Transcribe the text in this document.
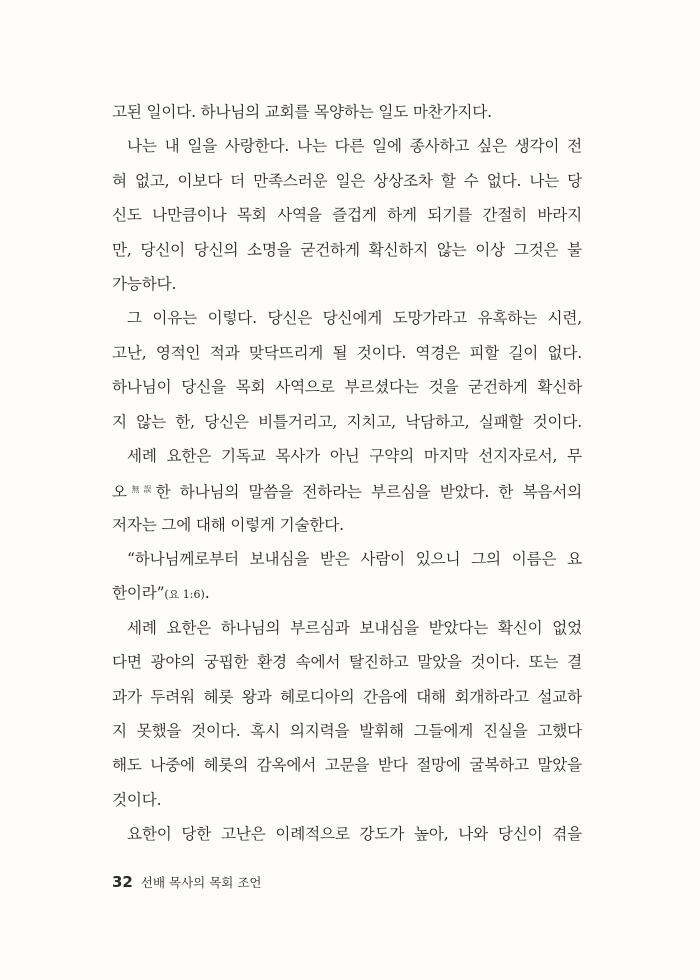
고된 일이다. 하나님의 교회를 목양하는 일도 마찬가지다.
나는 내 일을 사랑한다. 나는 다른 일에 종사하고 싶은 생각이 전
혀 없고, 이보다 더 만족스러운 일은 상상조차 할 수 없다. 나는 당
신도 나만큼이나 목회 사역을 즐겁게 하게 되기를 간절히 바라지
만, 당신이 당신의 소명을 굳건하게 확신하지 않는 이상 그것은 불
가능하다.
그 이유는 이렇다. 당신은 당신에게 도망가라고 유혹하는 시련,
고난, 영적인 적과 맞닥뜨리게 될 것이다. 역경은 피할 길이 없다.
하나님이 당신을 목회 사역으로 부르셨다는 것을 굳건하게 확신하
지 않는 한, 당신은 비틀거리고, 지치고, 낙담하고, 실패할 것이다.
세례 요한은 기독교 목사가 아닌 구약의 마지막 선지자로서, 무
오$^{無誤}$한 하나님의 말씀을 전하라는 부르심을 받았다. 한 복음서의
저자는 그에 대해 이렇게 기술한다.
“하나님께로부터 보내심을 받은 사람이 있으니 그의 이름은 요
한이라”(요 1:6).
세례 요한은 하나님의 부르심과 보내심을 받았다는 확신이 없었
다면 광야의 궁핍한 환경 속에서 탈진하고 말았을 것이다. 또는 결
과가 두려워 헤롯 왕과 헤로디아의 간음에 대해 회개하라고 설교하
지 못했을 것이다. 혹시 의지력을 발휘해 그들에게 진실을 고했다
해도 나중에 헤롯의 감옥에서 고문을 받다 절망에 굴복하고 말았을
것이다.
요한이 당한 고난은 이례적으로 강도가 높아, 나와 당신이 겪을
32 선배 목사의 목회 조언
